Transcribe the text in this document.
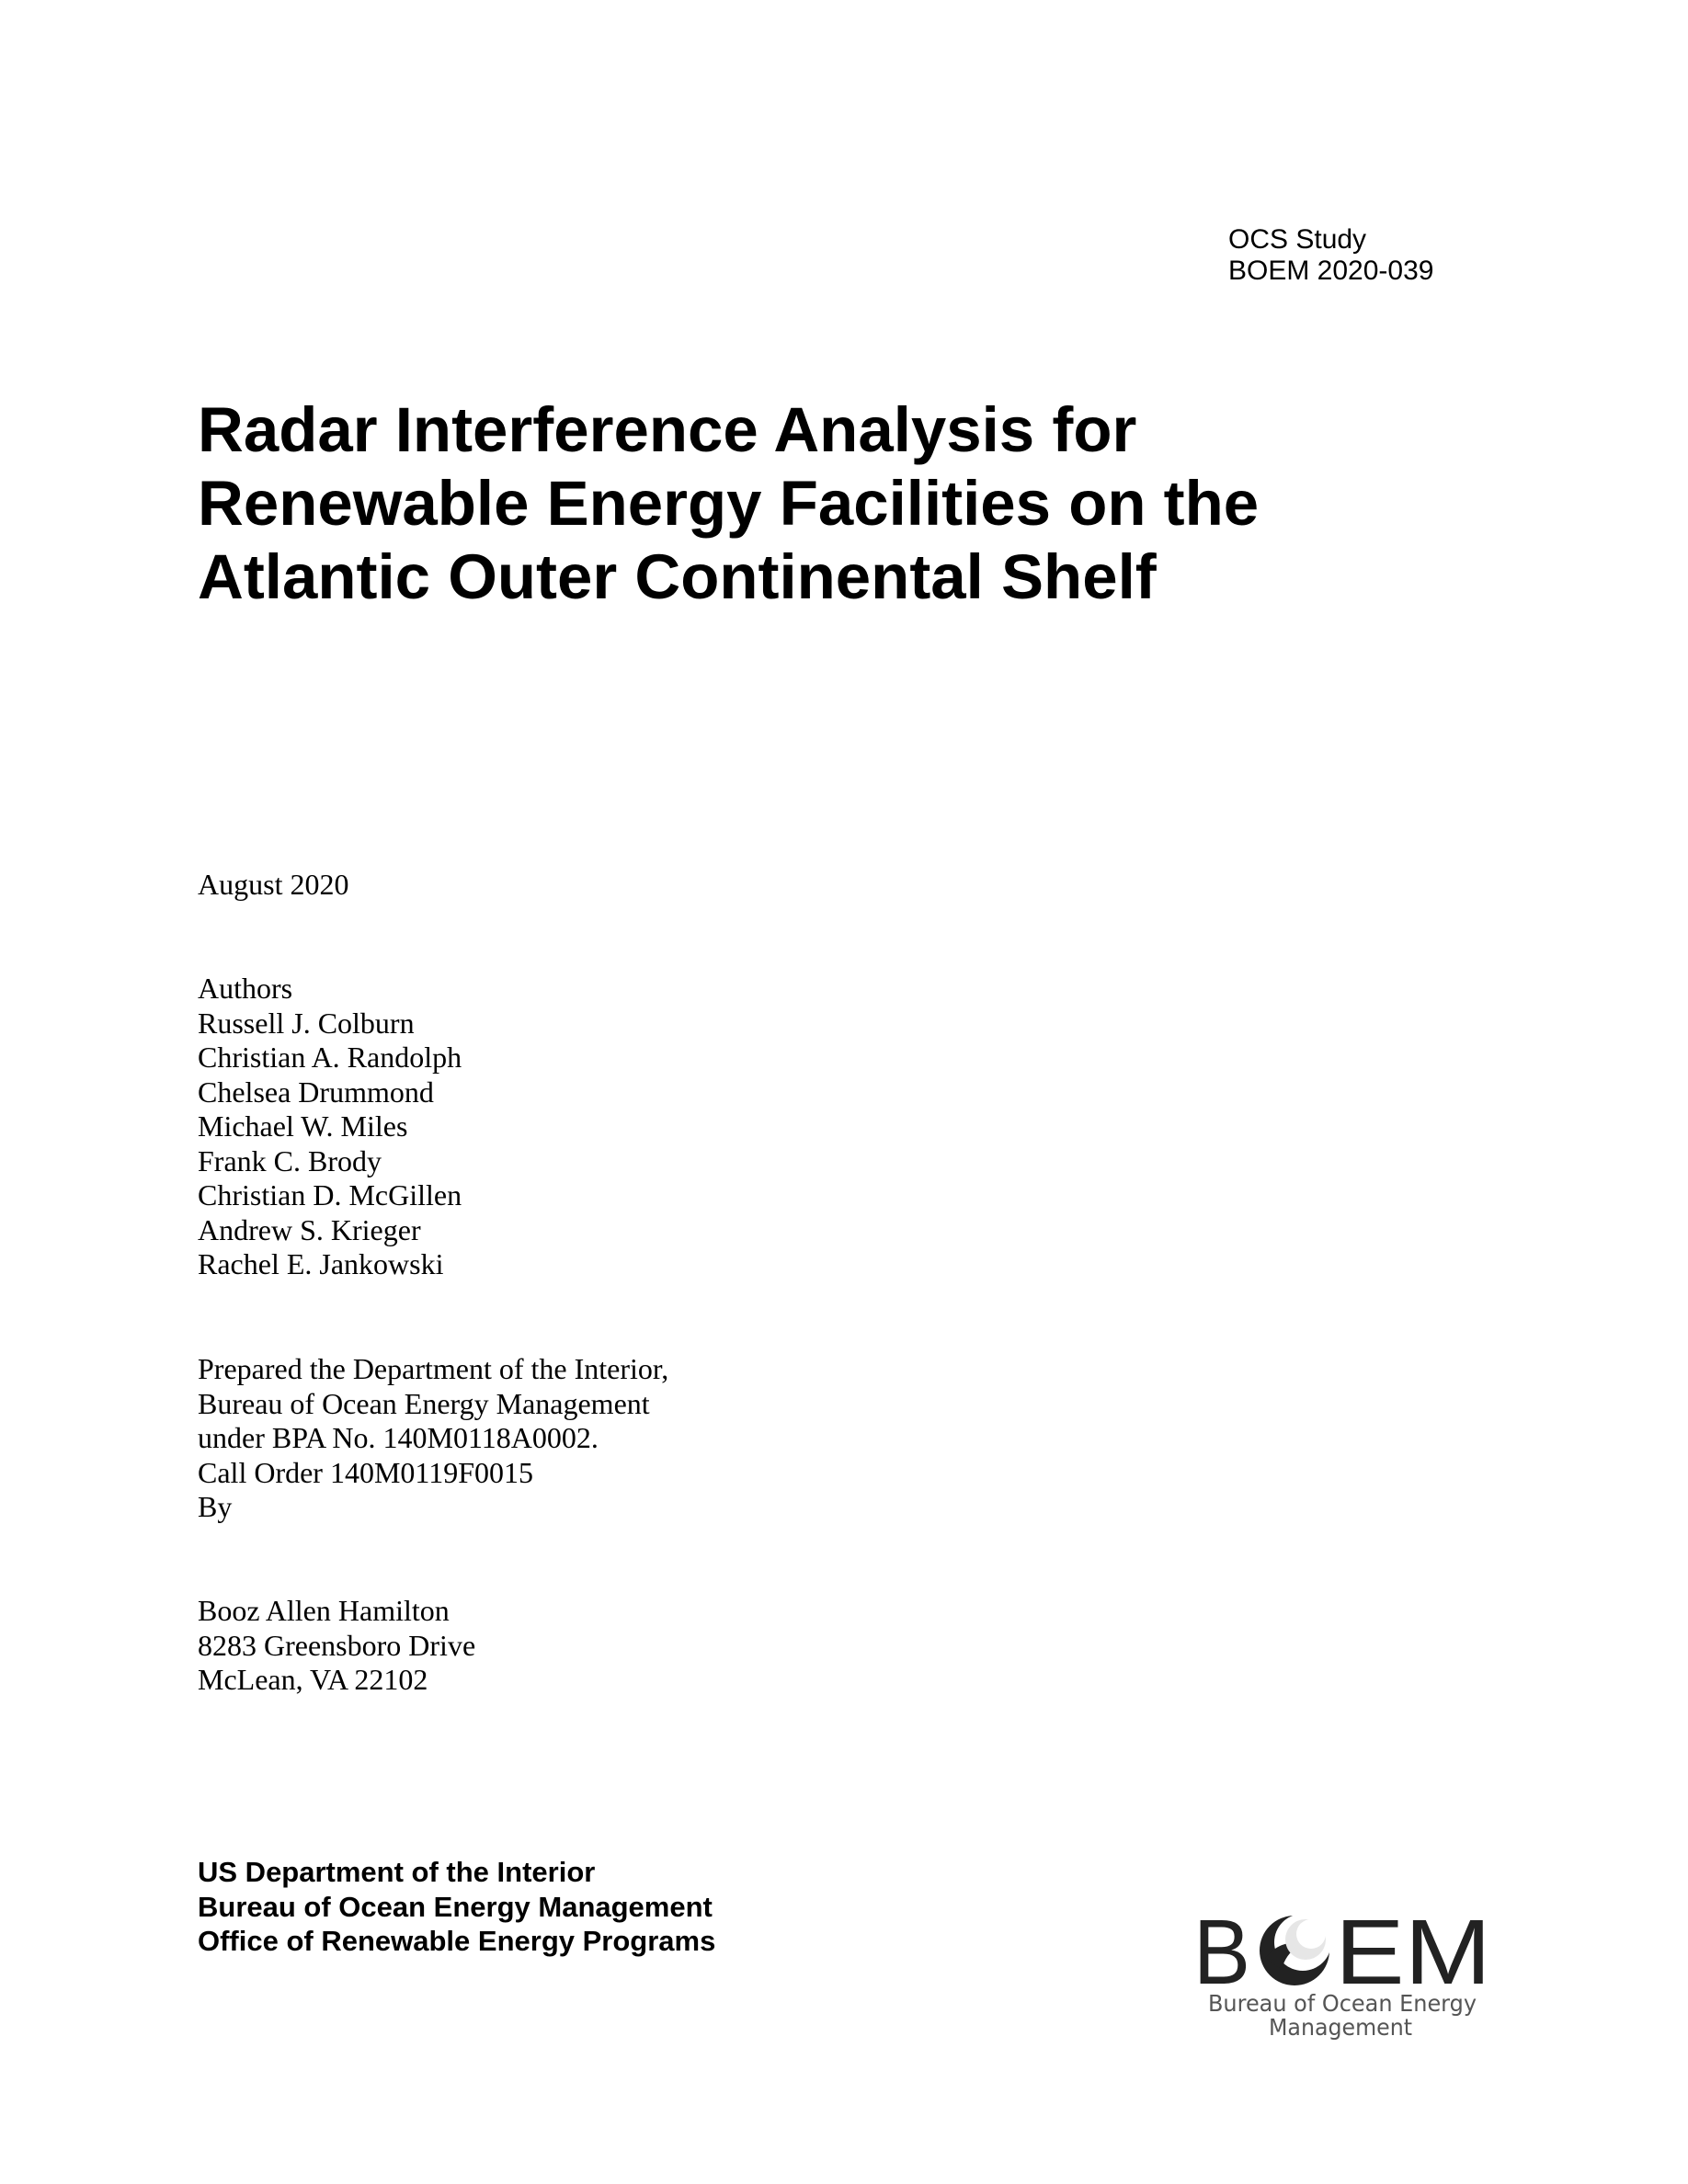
OCS Study
BOEM 2020-039
Radar Interference Analysis for
Renewable Energy Facilities on the
Atlantic Outer Continental Shelf
August 2020
Authors
Russell J. Colburn
Christian A. Randolph
Chelsea Drummond
Michael W. Miles
Frank C. Brody
Christian D. McGillen
Andrew S. Krieger
Rachel E. Jankowski
Prepared the Department of the Interior,
Bureau of Ocean Energy Management
under BPA No. 140M0118A0002.
Call Order 140M0119F0015
By
Booz Allen Hamilton
8283 Greensboro Drive
McLean, VA 22102
US Department of the Interior
Bureau of Ocean Energy Management
Office of Renewable Energy Programs	B EM
Bureau of Ocean Energy
Management
